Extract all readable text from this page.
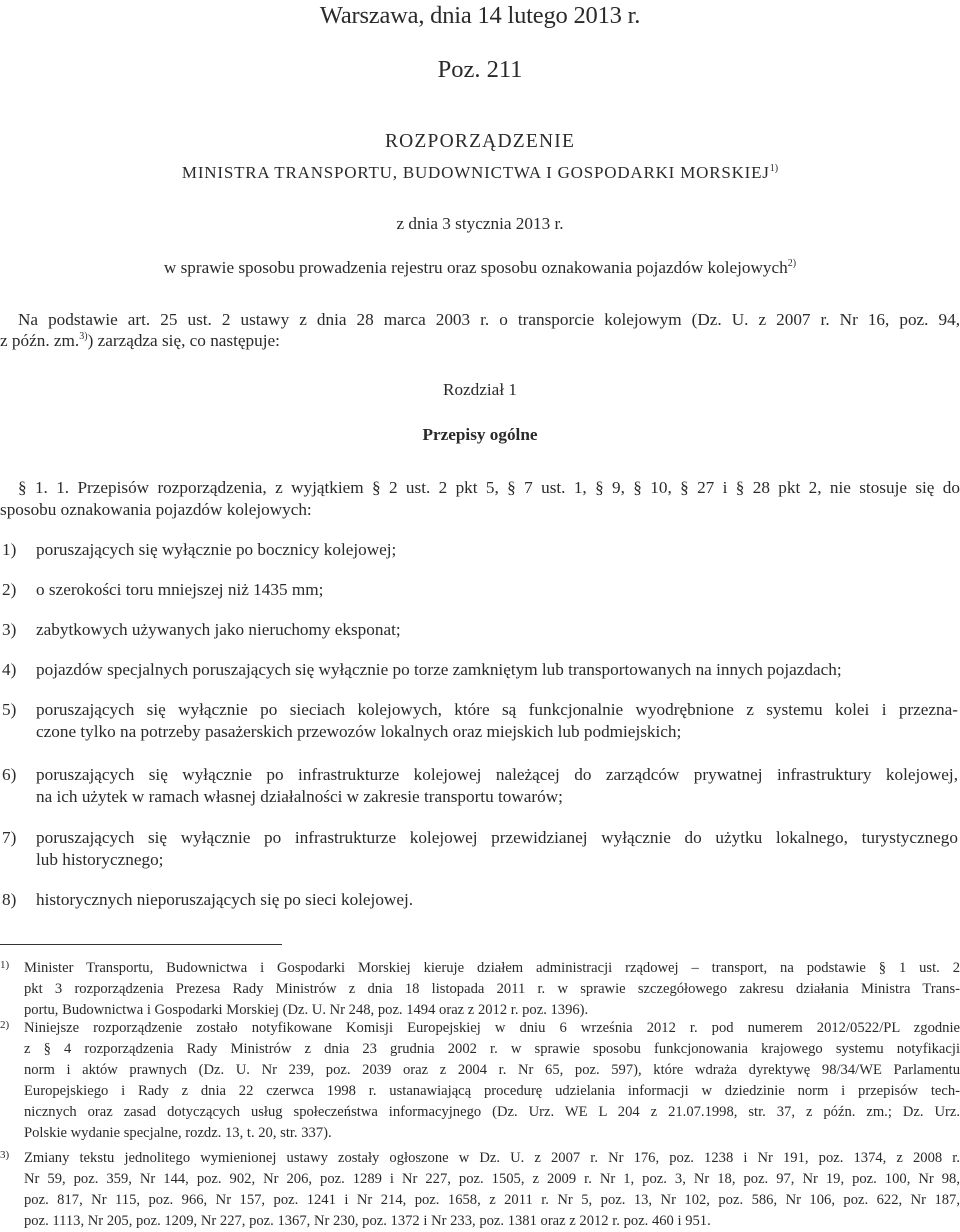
Warszawa, dnia 14 lutego 2013 r.
Poz. 211
ROZPORZĄDZENIE
MINISTRA TRANSPORTU, BUDOWNICTWA I GOSPODARKI MORSKIEJ$^{1)}$
z dnia 3 stycznia 2013 r.
w sprawie sposobu prowadzenia rejestru oraz sposobu oznakowania pojazdów kolejowych$^{2)}$
Na podstawie art. 25 ust. 2 ustawy z dnia 28 marca 2003 r. o transporcie kolejowym (Dz. U. z 2007 r. Nr 16, poz. 94,
z późn. zm.$^{3)}$) zarządza się, co następuje:
Rozdział 1
Przepisy ogólne
§ 1. 1. Przepisów rozporządzenia, z wyjątkiem § 2 ust. 2 pkt 5, § 7 ust. 1, § 9, § 10, § 27 i § 28 pkt 2, nie stosuje się do
sposobu oznakowania pojazdów kolejowych:
1) poruszających się wyłącznie po bocznicy kolejowej;
2) o szerokości toru mniejszej niż 1435 mm;
3) zabytkowych używanych jako nieruchomy eksponat;
4) pojazdów specjalnych poruszających się wyłącznie po torze zamkniętym lub transportowanych na innych pojazdach;
5) poruszających się wyłącznie po sieciach kolejowych, które są funkcjonalnie wyodrębnione z systemu kolei i przezna-
czone tylko na potrzeby pasażerskich przewozów lokalnych oraz miejskich lub podmiejskich;
6) poruszających się wyłącznie po infrastrukturze kolejowej należącej do zarządców prywatnej infrastruktury kolejowej,
na ich użytek w ramach własnej działalności w zakresie transportu towarów;
7) poruszających się wyłącznie po infrastrukturze kolejowej przewidzianej wyłącznie do użytku lokalnego, turystycznego
lub historycznego;
8) historycznych nieporuszających się po sieci kolejowej.
1) Minister Transportu, Budownictwa i Gospodarki Morskiej kieruje działem administracji rządowej – transport, na podstawie § 1 ust. 2
pkt 3 rozporządzenia Prezesa Rady Ministrów z dnia 18 listopada 2011 r. w sprawie szczegółowego zakresu działania Ministra Trans-
portu, Budownictwa i Gospodarki Morskiej (Dz. U. Nr 248, poz. 1494 oraz z 2012 r. poz. 1396).
2) Niniejsze rozporządzenie zostało notyfikowane Komisji Europejskiej w dniu 6 września 2012 r. pod numerem 2012/0522/PL zgodnie
z § 4 rozporządzenia Rady Ministrów z dnia 23 grudnia 2002 r. w sprawie sposobu funkcjonowania krajowego systemu notyfikacji
norm i aktów prawnych (Dz. U. Nr 239, poz. 2039 oraz z 2004 r. Nr 65, poz. 597), które wdraża dyrektywę 98/34/WE Parlamentu
Europejskiego i Rady z dnia 22 czerwca 1998 r. ustanawiającą procedurę udzielania informacji w dziedzinie norm i przepisów tech-
nicznych oraz zasad dotyczących usług społeczeństwa informacyjnego (Dz. Urz. WE L 204 z 21.07.1998, str. 37, z późn. zm.; Dz. Urz.
Polskie wydanie specjalne, rozdz. 13, t. 20, str. 337).
3) Zmiany tekstu jednolitego wymienionej ustawy zostały ogłoszone w Dz. U. z 2007 r. Nr 176, poz. 1238 i Nr 191, poz. 1374, z 2008 r.
Nr 59, poz. 359, Nr 144, poz. 902, Nr 206, poz. 1289 i Nr 227, poz. 1505, z 2009 r. Nr 1, poz. 3, Nr 18, poz. 97, Nr 19, poz. 100, Nr 98,
poz. 817, Nr 115, poz. 966, Nr 157, poz. 1241 i Nr 214, poz. 1658, z 2011 r. Nr 5, poz. 13, Nr 102, poz. 586, Nr 106, poz. 622, Nr 187,
poz. 1113, Nr 205, poz. 1209, Nr 227, poz. 1367, Nr 230, poz. 1372 i Nr 233, poz. 1381 oraz z 2012 r. poz. 460 i 951.
